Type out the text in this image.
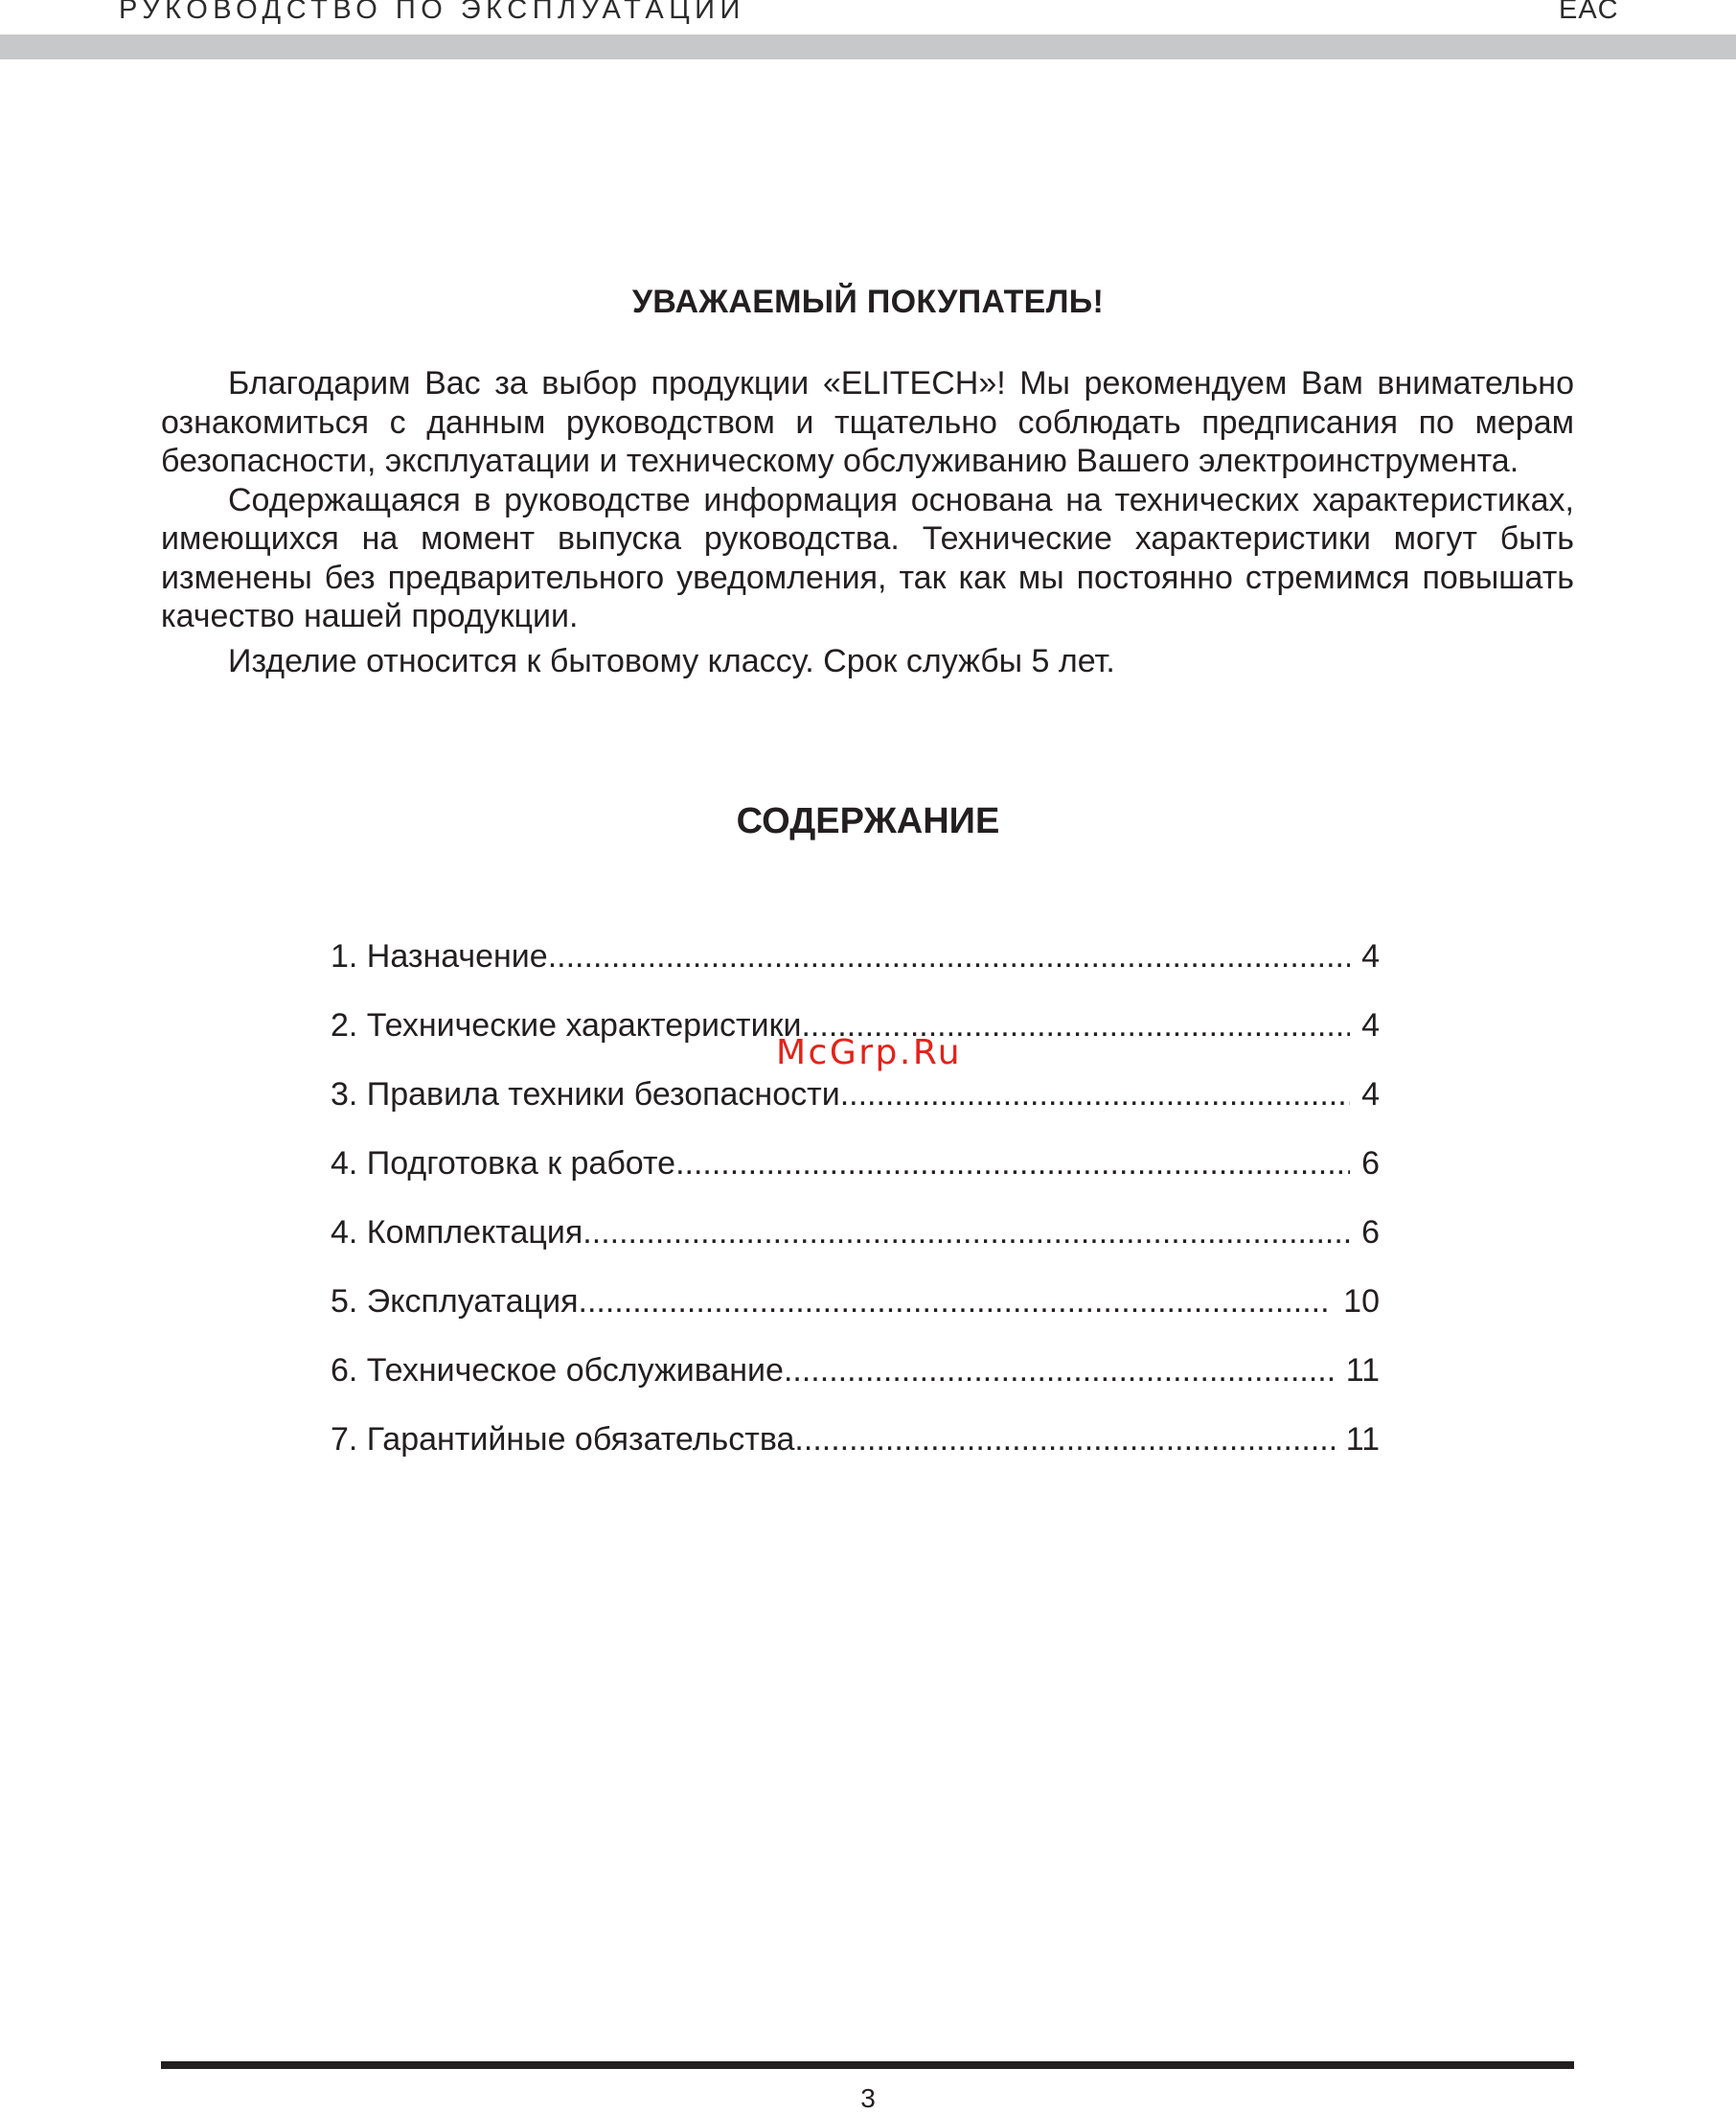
РУКОВОДСТВО ПО ЭКСПЛУАТАЦИИ	EAC
УВАЖАЕМЫЙ ПОКУПАТЕЛЬ!

Благодарим Вас за выбор продукции «ELITECH»! Мы рекомендуем Вам внимательно ознакомиться с данным руководством и тщательно соблюдать предписания по мерам безопасности, эксплуатации и техническому обслуживанию Вашего электроинструмента.

Содержащаяся в руководстве информация основана на технических характеристиках, имеющихся на момент выпуска руководства. Технические характеристики могут быть изменены без предварительного уведомления, так как мы постоянно стремимся повышать качество нашей продукции.

Изделие относится к бытовому классу. Срок службы 5 лет.

СОДЕРЖАНИЕ
1. Назначение .....	4
2. Технические характеристики .....	4
3. Правила техники безопасности .....	4
4. Подготовка к работе .....	6
4. Комплектация .....	6
5. Эксплуатация .....	10
6. Техническое обслуживание .....	11
7. Гарантийные обязательства .....	11
McGrp.Ru
3
